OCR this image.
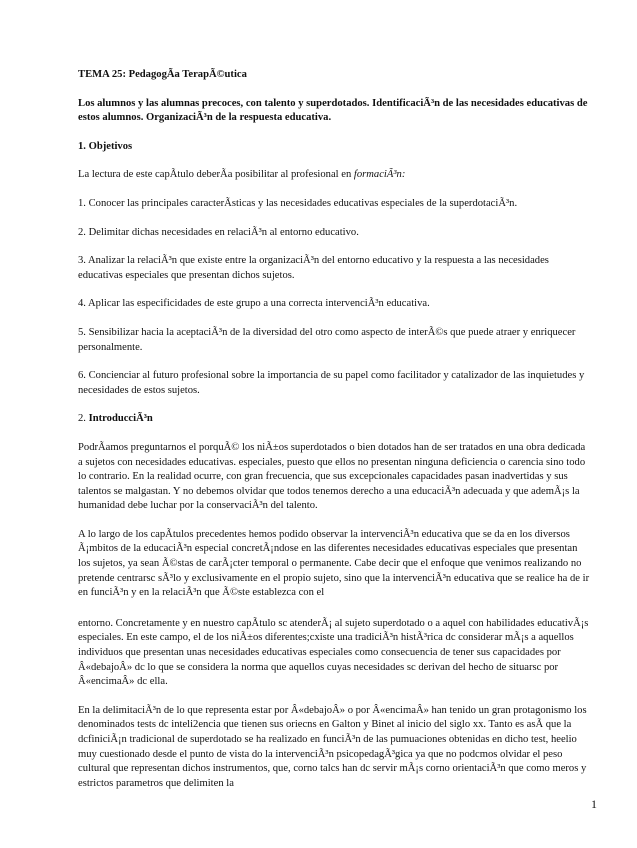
TEMA 25: PedagogÃa TerapÃ©utica

Los alumnos y las alumnas precoces, con talento y superdotados. IdentificaciÃ³n de las necesidades educativas de estos alumnos. OrganizaciÃ³n de la respuesta educativa.

1. Objetivos

La lectura de este capÃtulo deberÃa posibilitar al profesional en formaciÃ³n:

1. Conocer las principales caracterÃsticas y las necesidades educativas especiales de la superdotaciÃ³n.

2. Delimitar dichas necesidades en relaciÃ³n al entorno educativo.

3. Analizar la relaciÃ³n que existe entre la organizaciÃ³n del entorno educativo y la respuesta a las necesidades educativas especiales que presentan dichos sujetos.

4. Aplicar las especificidades de este grupo a una correcta intervenciÃ³n educativa.

5. Sensibilizar hacia la aceptaciÃ³n de la diversidad del otro como aspecto de interÃ©s que puede atraer y enriquecer personalmente.

6. Concienciar al futuro profesional sobre la importancia de su papel como facilitador y catalizador de las inquietudes y necesidades de estos sujetos.

2. IntroducciÃ³n

PodrÃamos preguntarnos el porquÃ© los niÃ±os superdotados o bien dotados han de ser tratados en una obra dedicada a sujetos con necesidades educativas. especiales, puesto que ellos no presentan ninguna deficiencia o carencia sino todo lo contrario. En la realidad ocurre, con gran frecuencia, que sus excepcionales capacidades pasan inadvertidas y sus talentos se malgastan. Y no debemos olvidar que todos tenemos derecho a una educaciÃ³n adecuada y que ademÃ¡s la humanidad debe luchar por la conservaciÃ³n del talento.

A lo largo de los capÃtulos precedentes hemos podido observar la intervenciÃ³n educativa que se da en los diversos Ã¡mbitos de la educaciÃ³n especial concretÃ¡ndose en las diferentes necesidades educativas especiales que presentan los sujetos, ya sean Ã©stas de carÃ¡cter temporal o permanente. Cabe decir que el enfoque que venimos realizando no pretende centrarsc sÃ³lo y exclusivamente en el propio sujeto, sino que la intervenciÃ³n educativa que se realice ha de ir en funciÃ³n y en la relaciÃ³n que Ã©ste establezca con el

entorno. Concretamente y en nuestro capÃtulo sc atenderÃ¡ al sujeto superdotado o a aquel con habilidades educativÃ¡s especiales. En este campo, el de los niÃ±os diferentes;cxiste una tradiciÃ³n histÃ³rica dc considerar mÃ¡s a aquellos individuos que presentan unas necesidades educativas especiales como consecuencia de tener sus capacidades por Â«debajoÂ» dc lo que se considera la norma que aquellos cuyas necesidades sc derivan del hecho de situarsc por Â«encimaÂ» dc ella.

En la delimitaciÃ³n de lo que representa estar por Â«debajoÂ» o por Â«encimaÂ» han tenido un gran protagonismo los denominados tests dc inteli2encia que tienen sus oriecns en Galton y Binet al inicio del siglo xx. Tanto es asÃ que la dcfiniciÃ¡n tradicional de superdotado se ha realizado en funciÃ³n de las pumuaciones obtenidas en dicho test, heelio muy cuestionado desde el punto de vista do la intervenciÃ³n psicopedagÃ³gica ya que no podcmos olvidar el peso cultural que representan dichos instrumentos, que, corno talcs han dc servir mÃ¡s corno orientaciÃ³n que como meros y estrictos parametros que delimiten la

1
